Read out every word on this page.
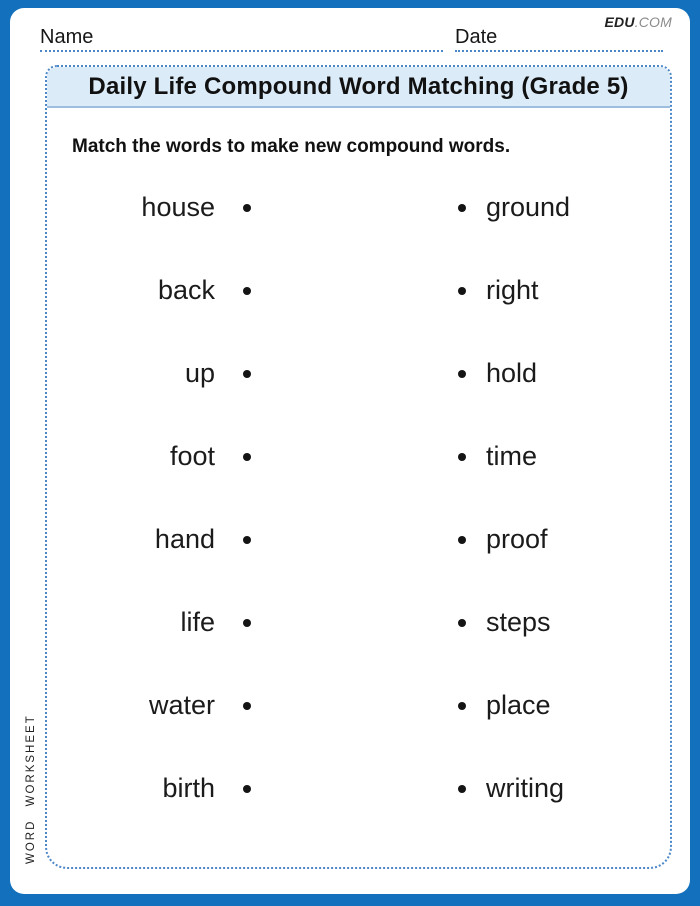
EDU.COM
Name	Date
Daily Life Compound Word Matching (Grade 5)
Match the words to make new compound words.
house	ground
back	right
up	hold
foot	time
hand	proof
life	steps
water	place
birth	writing
WORD WORKSHEET
